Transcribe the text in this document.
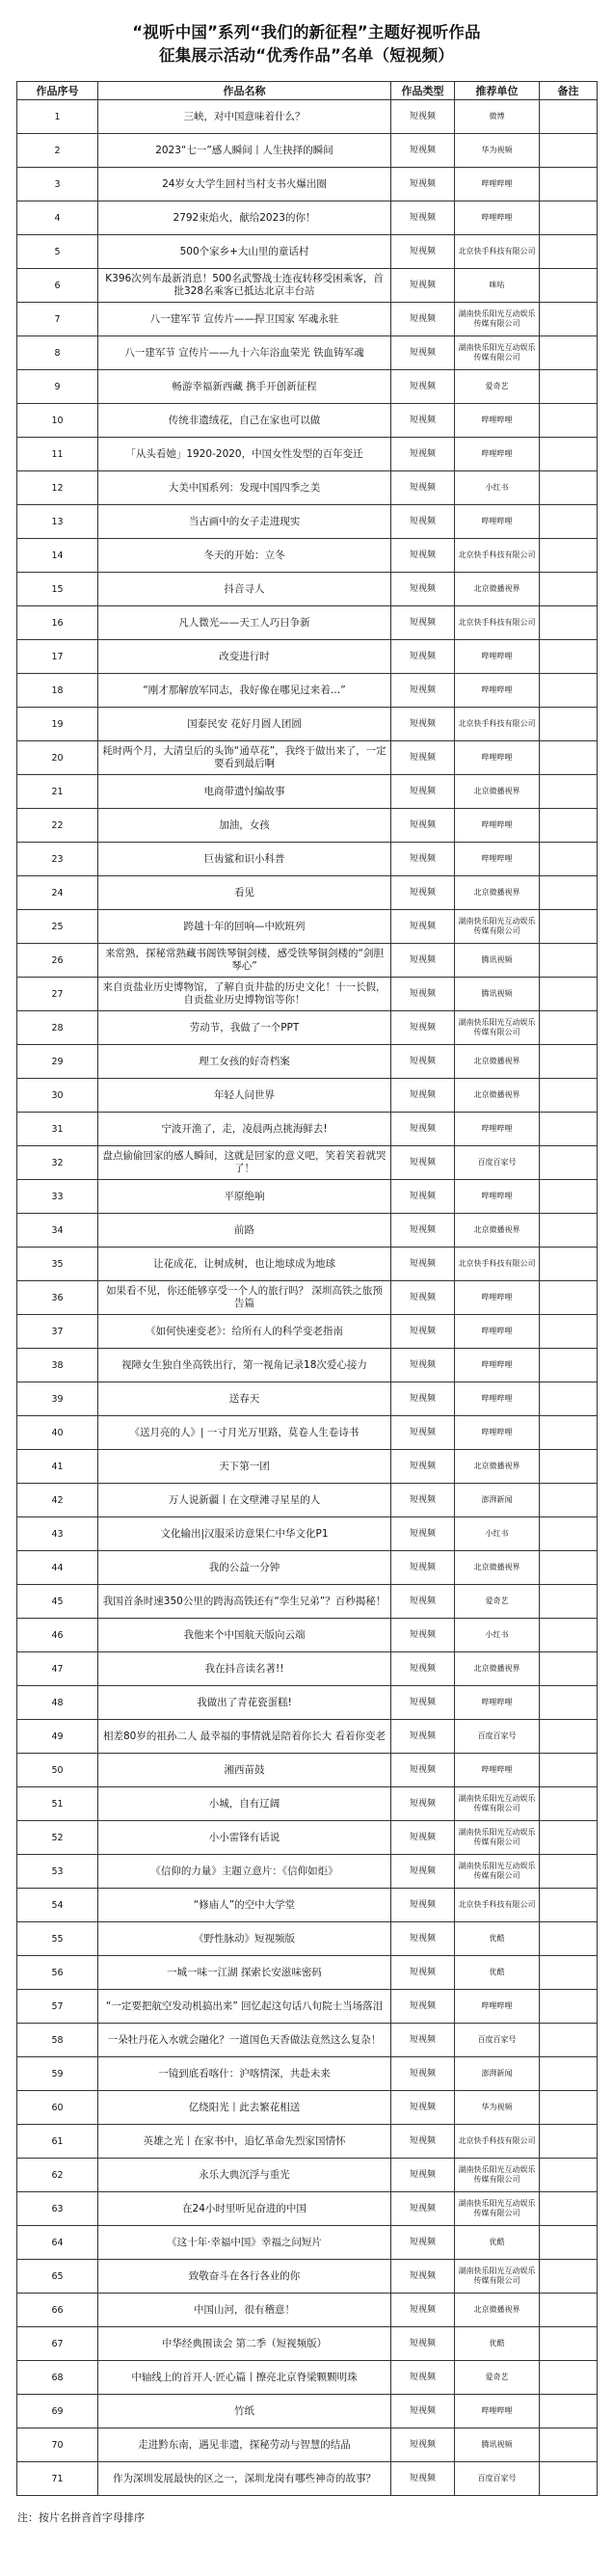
“视听中国”系列“我们的新征程”主题好视听作品
征集展示活动“优秀作品”名单（短视频）
作品序号	作品名称	作品类型	推荐单位	备注
1	三峡，对中国意味着什么？	短视频	微博	
2	2023“七一”感人瞬间丨人生抉择的瞬间	短视频	华为视频	
3	24岁女大学生回村当村支书火爆出圈	短视频	哔哩哔哩	
4	2792束焰火，献给2023的你！	短视频	哔哩哔哩	
5	500个家乡+大山里的童话村	短视频	北京快手科技有限公司	
6	K396次列车最新消息！500名武警战士连夜转移受困乘客，首批328名乘客已抵达北京丰台站	短视频	咪咕	
7	八一建军节 宣传片——捍卫国家 军魂永驻	短视频	湖南快乐阳光互动娱乐传媒有限公司	
8	八一建军节 宣传片——九十六年浴血荣光 铁血铸军魂	短视频	湖南快乐阳光互动娱乐传媒有限公司	
9	畅游幸福新西藏 携手开创新征程	短视频	爱奇艺	
10	传统非遗绒花，自己在家也可以做	短视频	哔哩哔哩	
11	「从头看她」1920-2020，中国女性发型的百年变迁	短视频	哔哩哔哩	
12	大美中国系列：发现中国四季之美	短视频	小红书	
13	当古画中的女子走进现实	短视频	哔哩哔哩	
14	冬天的开始：立冬	短视频	北京快手科技有限公司	
15	抖音寻人	短视频	北京微播视界	
16	凡人微光——天工人巧日争新	短视频	北京快手科技有限公司	
17	改变进行时	短视频	哔哩哔哩	
18	“刚才那解放军同志，我好像在哪见过来着…”	短视频	哔哩哔哩	
19	国泰民安 花好月圆人团圆	短视频	北京快手科技有限公司	
20	耗时两个月，大清皇后的头饰“通草花”，我终于做出来了，一定要看到最后啊	短视频	哔哩哔哩	
21	电商带遗忖编故事	短视频	北京微播视界	
22	加油，女孩	短视频	哔哩哔哩	
23	巨齿鲨和识小科普	短视频	哔哩哔哩	
24	看见	短视频	北京微播视界	
25	跨越十年的回响—中欧班列	短视频	湖南快乐阳光互动娱乐传媒有限公司	
26	来常熟，探秘常熟藏书阁铁琴铜剑楼，感受铁琴铜剑楼的“剑胆琴心”	短视频	腾讯视频	
27	来自贡盐业历史博物馆，了解自贡井盐的历史文化！十一长假，自贡盐业历史博物馆等你！	短视频	腾讯视频	
28	劳动节，我做了一个PPT	短视频	湖南快乐阳光互动娱乐传媒有限公司	
29	理工女孩的好奇档案	短视频	北京微播视界	
30	年轻人问世界	短视频	北京微播视界	
31	宁波开渔了，走，凌晨两点挑海鲜去!	短视频	哔哩哔哩	
32	盘点偷偷回家的感人瞬间，这就是回家的意义吧，笑着笑着就哭了！	短视频	百度百家号	
33	平原绝响	短视频	哔哩哔哩	
34	前路	短视频	北京微播视界	
35	让花成花，让树成树，也让地球成为地球	短视频	北京快手科技有限公司	
36	如果看不见，你还能够享受一个人的旅行吗？ 深圳高铁之旅预告篇	短视频	哔哩哔哩	
37	《如何快速变老》：给所有人的科学变老指南	短视频	哔哩哔哩	
38	视障女生独自坐高铁出行，第一视角记录18次爱心接力	短视频	哔哩哔哩	
39	送春天	短视频	哔哩哔哩	
40	《送月亮的人》| 一寸月光万里路，莫卷人生卷诗书	短视频	哔哩哔哩	
41	天下第一团	短视频	北京微播视界	
42	万人说新疆丨在文壁滩寻星星的人	短视频	澎湃新闻	
43	文化输出|汉服采访意果仁中华文化P1	短视频	小红书	
44	我的公益一分钟	短视频	北京微播视界	
45	我国首条时速350公里的跨海高铁还有“孪生兄弟”？百秒揭秘！	短视频	爱奇艺	
46	我他来个中国航天版向云端	短视频	小红书	
47	我在抖音读名著!!	短视频	北京微播视界	
48	我做出了青花瓷蛋糕!	短视频	哔哩哔哩	
49	相差80岁的祖孙二人 最幸福的事情就是陪着你长大 看着你变老	短视频	百度百家号	
50	湘西苗鼓	短视频	哔哩哔哩	
51	小城，自有辽阔	短视频	湖南快乐阳光互动娱乐传媒有限公司	
52	小小雷锋有话说	短视频	湖南快乐阳光互动娱乐传媒有限公司	
53	《信仰的力量》主题立意片：《信仰如炬》	短视频	湖南快乐阳光互动娱乐传媒有限公司	
54	“修庙人”的空中大学堂	短视频	北京快手科技有限公司	
55	《野性脉动》短视频版	短视频	优酷	
56	一城一味一江湖 探索长安滋味密码	短视频	优酷	
57	“一定要把航空发动机搞出来” 回忆起这句话八旬院士当场落泪	短视频	哔哩哔哩	
58	一朵牡丹花入水就会融化？一道国色天香做法竟然这么复杂！	短视频	百度百家号	
59	一镜到底看喀什：沪喀情深，共赴未来	短视频	澎湃新闻	
60	亿绕阳光丨此去繁花相送	短视频	华为视频	
61	英雄之光丨在家书中，追忆革命先烈家国情怀	短视频	北京快手科技有限公司	
62	永乐大典沉浮与重光	短视频	湖南快乐阳光互动娱乐传媒有限公司	
63	在24小时里听见奋进的中国	短视频	湖南快乐阳光互动娱乐传媒有限公司	
64	《这十年·幸福中国》幸福之问短片	短视频	优酷	
65	致敬奋斗在各行各业的你	短视频	湖南快乐阳光互动娱乐传媒有限公司	
66	中国山河，很有稽意！	短视频	北京微播视界	
67	中华经典围读会 第二季（短视频版）	短视频	优酷	
68	中轴线上的首开人·匠心篇丨擦亮北京脊梁颗颗明珠	短视频	爱奇艺	
69	竹纸	短视频	哔哩哔哩	
70	走进黔东南，遇见非遗，探秘劳动与智慧的结晶	短视频	腾讯视频	
71	作为深圳发展最快的区之一，深圳龙岗有哪些神奇的故事？	短视频	百度百家号	
注：按片名拼音首字母排序
